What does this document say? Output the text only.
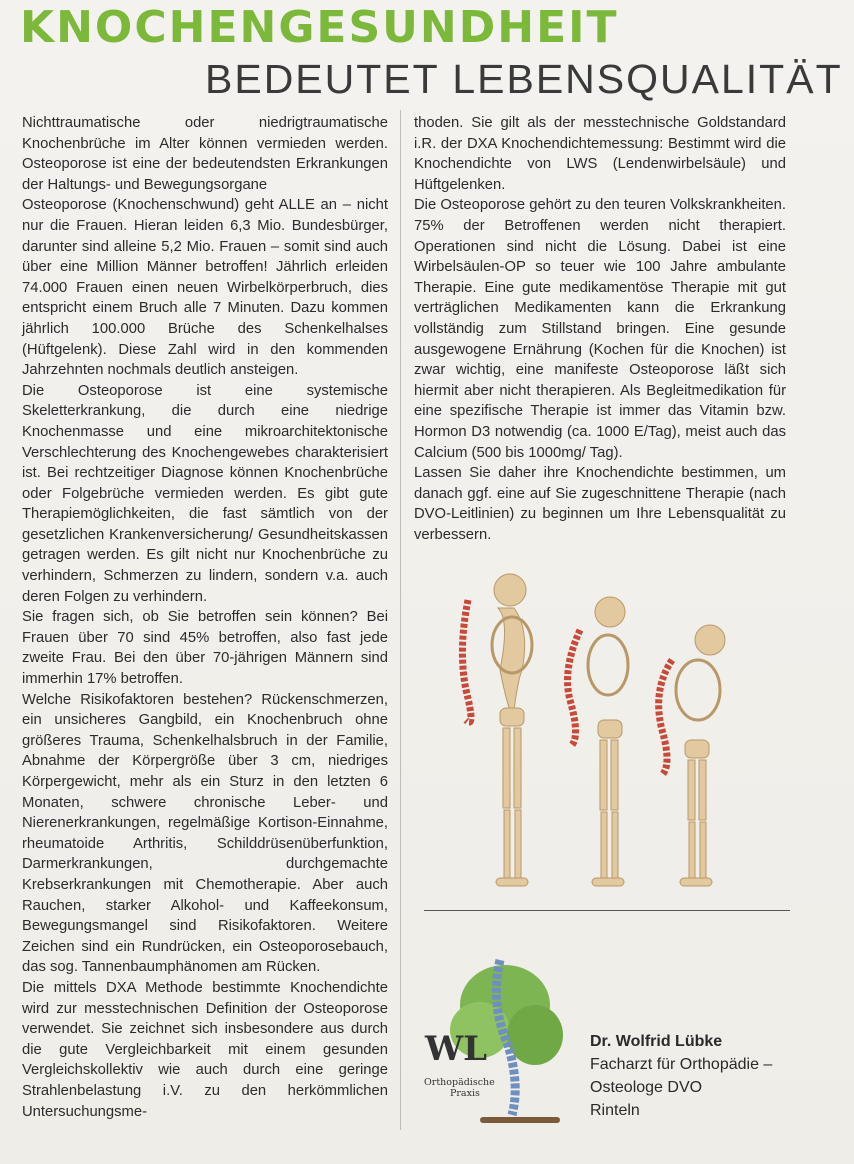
KNOCHENGESUNDHEIT
BEDEUTET LEBENSQUALITÄT

Nichttraumatische oder niedrigtraumatische Knochenbrüche im Alter können vermieden werden. Osteoporose ist eine der bedeutendsten Erkrankungen der Haltungs- und Bewegungsorgane

Osteoporose (Knochenschwund) geht ALLE an – nicht nur die Frauen. Hieran leiden 6,3 Mio. Bundesbürger, darunter sind alleine 5,2 Mio. Frauen – somit sind auch über eine Million Männer betroffen! Jährlich erleiden 74.000 Frauen einen neuen Wirbelkörperbruch, dies entspricht einem Bruch alle 7 Minuten. Dazu kommen jährlich 100.000 Brüche des Schenkelhalses (Hüftgelenk). Diese Zahl wird in den kommenden Jahrzehnten nochmals deutlich ansteigen.

Die Osteoporose ist eine systemische Skeletterkrankung, die durch eine niedrige Knochenmasse und eine mikroarchitektonische Verschlechterung des Knochengewebes charakterisiert ist. Bei rechtzeitiger Diagnose können Knochenbrüche oder Folgebrüche vermieden werden. Es gibt gute Therapiemöglichkeiten, die fast sämtlich von der gesetzlichen Krankenversicherung/ Gesundheitskassen getragen werden. Es gilt nicht nur Knochenbrüche zu verhindern, Schmerzen zu lindern, sondern v.a. auch deren Folgen zu verhindern.

Sie fragen sich, ob Sie betroffen sein können? Bei Frauen über 70 sind 45% betroffen, also fast jede zweite Frau. Bei den über 70-jährigen Männern sind immerhin 17% betroffen.

Welche Risikofaktoren bestehen? Rückenschmerzen, ein unsicheres Gangbild, ein Knochenbruch ohne größeres Trauma, Schenkelhalsbruch in der Familie, Abnahme der Körpergröße über 3 cm, niedriges Körpergewicht, mehr als ein Sturz in den letzten 6 Monaten, schwere chronische Leber- und Nierenerkrankungen, regelmäßige Kortison-Einnahme, rheumatoide Arthritis, Schilddrüsenüberfunktion, Darmerkrankungen, durchgemachte Krebserkrankungen mit Chemotherapie. Aber auch Rauchen, starker Alkohol- und Kaffeekonsum, Bewegungsmangel sind Risikofaktoren. Weitere Zeichen sind ein Rundrücken, ein Osteoporosebauch, das sog. Tannenbaumphänomen am Rücken.

Die mittels DXA Methode bestimmte Knochendichte wird zur messtechnischen Definition der Osteoporose verwendet. Sie zeichnet sich insbesondere aus durch die gute Vergleichbarkeit mit einem gesunden Vergleichskollektiv wie auch durch eine geringe Strahlenbelastung i.V. zu den herkömmlichen Untersuchungsme-

thoden. Sie gilt als der messtechnische Goldstandard i.R. der DXA Knochendichtemessung: Bestimmt wird die Knochendichte von LWS (Lendenwirbelsäule) und Hüftgelenken.

Die Osteoporose gehört zu den teuren Volkskrankheiten. 75% der Betroffenen werden nicht therapiert. Operationen sind nicht die Lösung. Dabei ist eine Wirbelsäulen-OP so teuer wie 100 Jahre ambulante Therapie. Eine gute medikamentöse Therapie mit gut verträglichen Medikamenten kann die Erkrankung vollständig zum Stillstand bringen. Eine gesunde ausgewogene Ernährung (Kochen für die Knochen) ist zwar wichtig, eine manifeste Osteoporose läßt sich hiermit aber nicht therapieren. Als Begleitmedikation für eine spezifische Therapie ist immer das Vitamin bzw. Hormon D3 notwendig (ca. 1000 E/Tag), meist auch das Calcium (500 bis 1000mg/ Tag).

Lassen Sie daher ihre Knochendichte bestimmen, um danach ggf. eine auf Sie zugeschnittene Therapie (nach DVO-Leitlinien) zu beginnen um Ihre Lebensqualität zu verbessern.

WL
Orthopädische
Praxis
Dr. Wolfrid Lübke
Facharzt für Orthopädie –
Osteologe DVO
Rinteln
